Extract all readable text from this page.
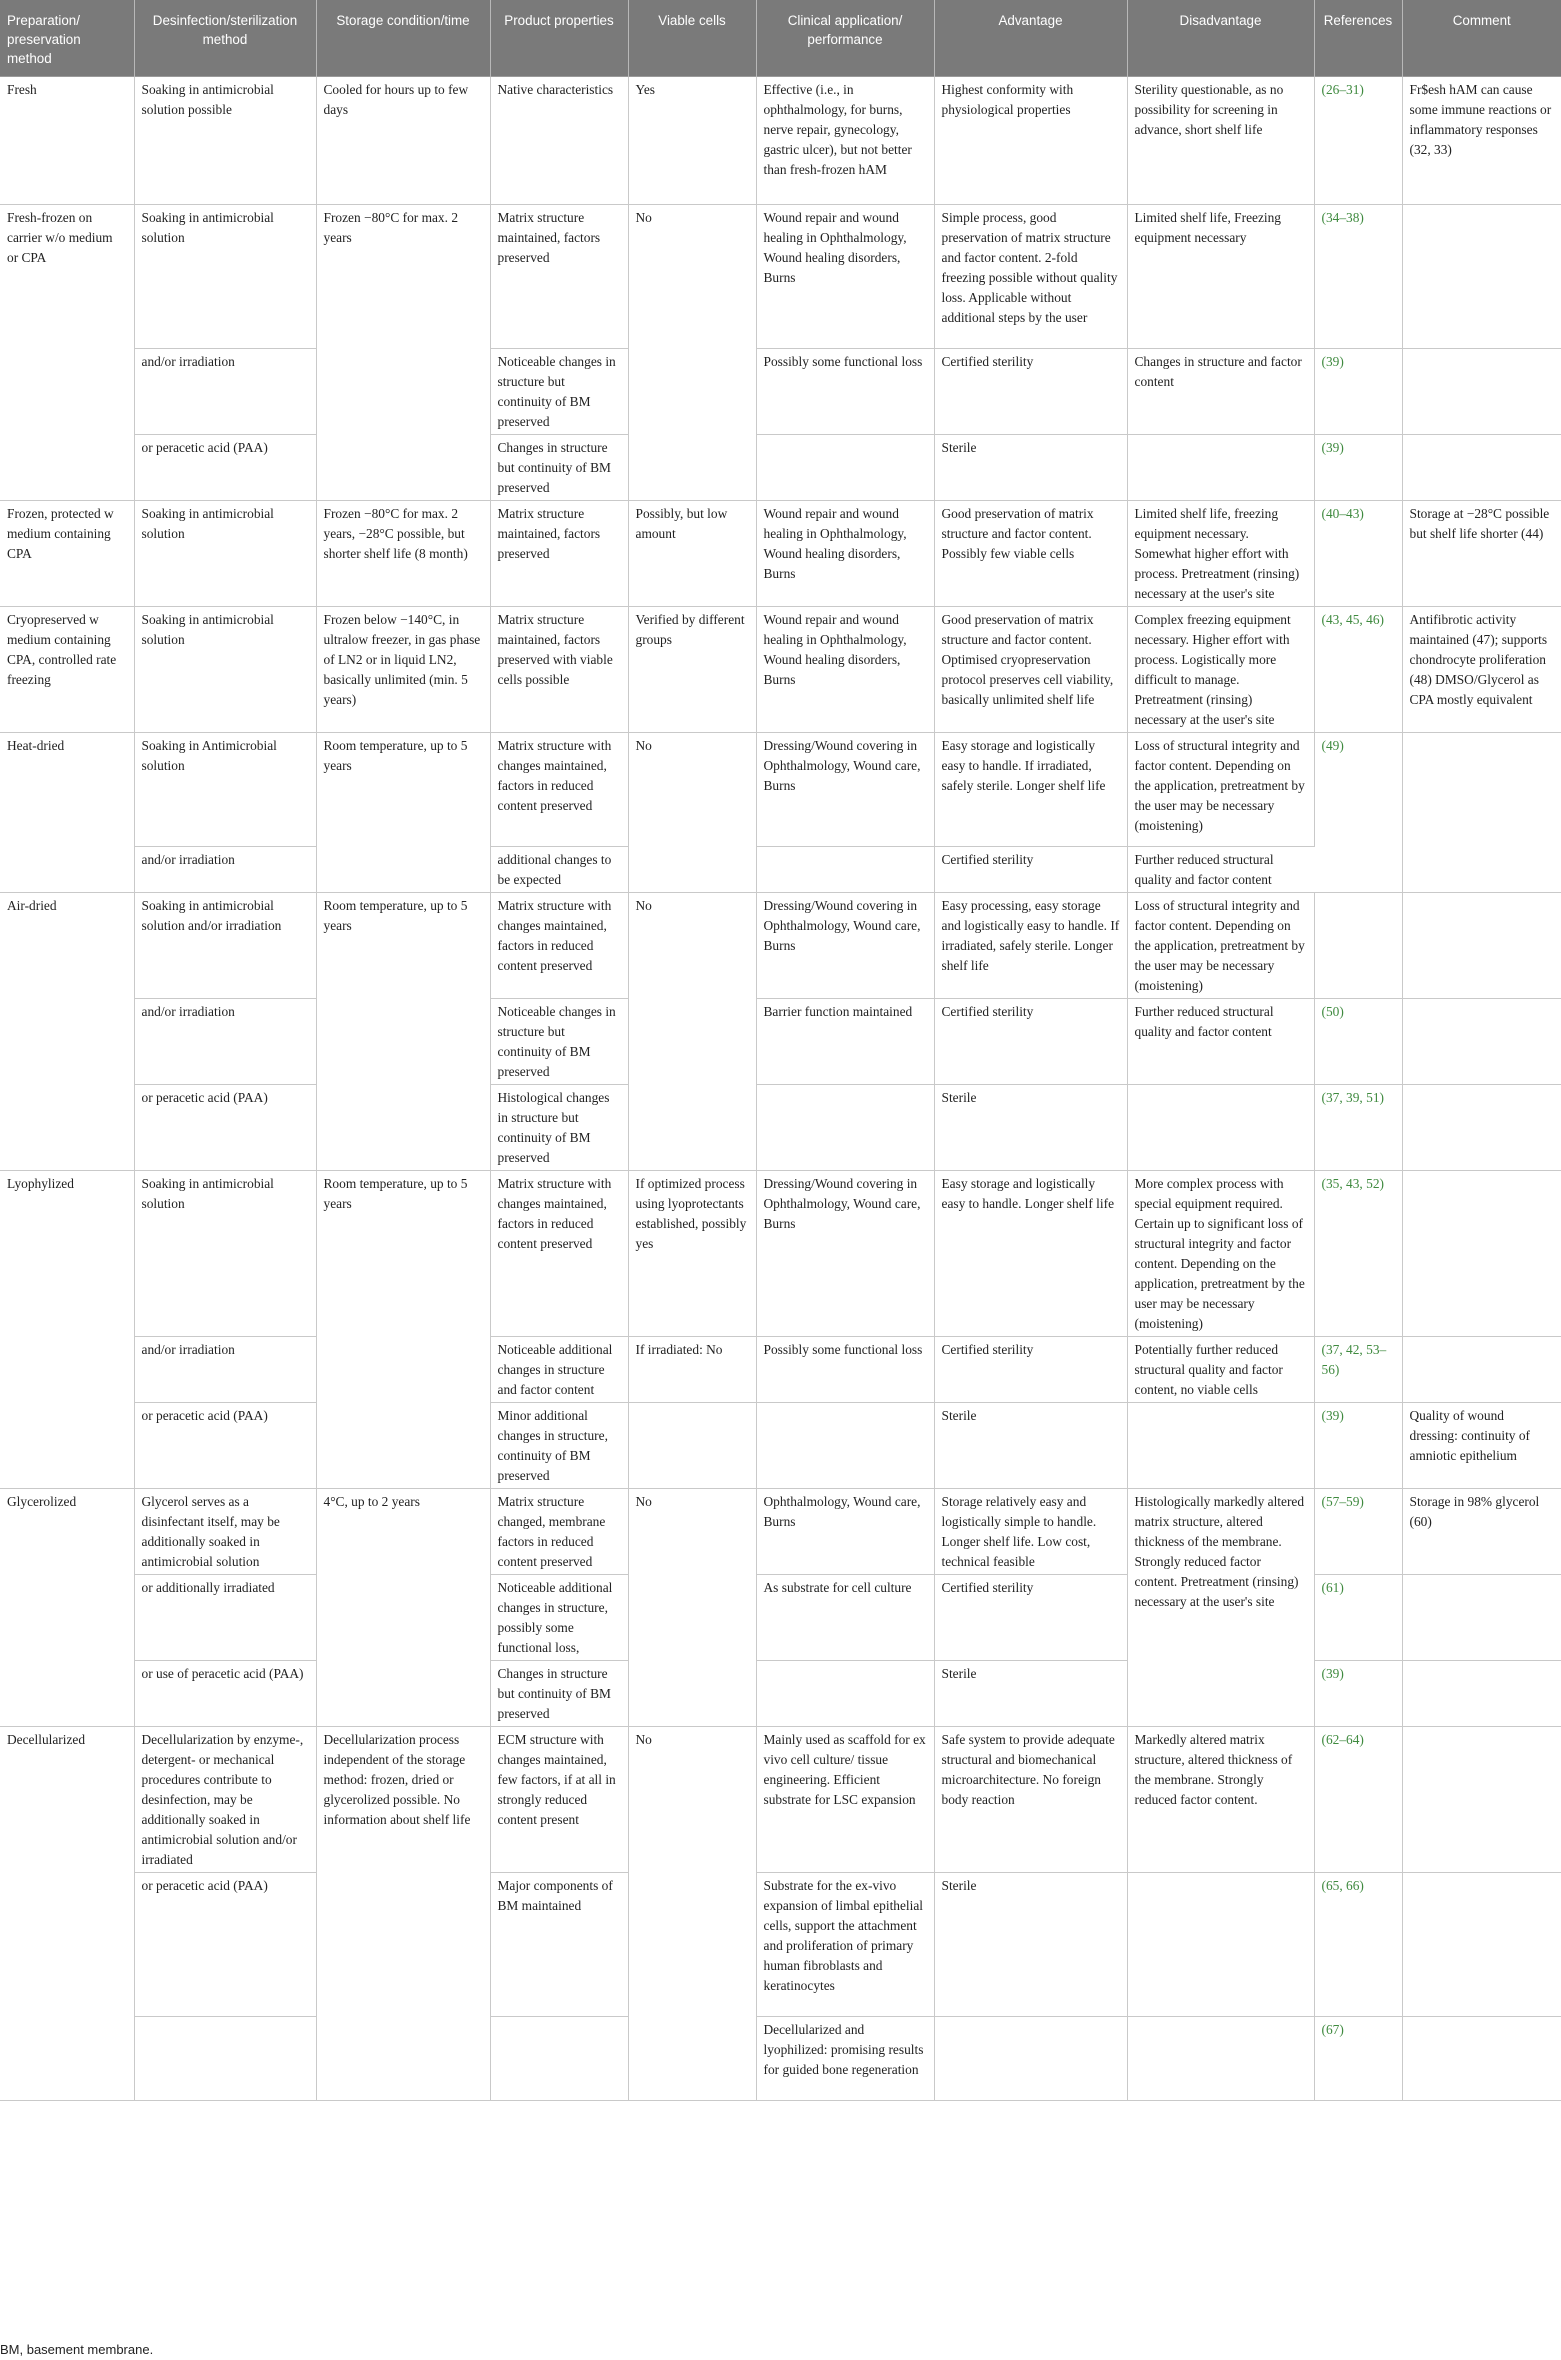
Preparation/ preservation method	Desinfection/sterilization method	Storage condition/time	Product properties	Viable cells	Clinical application/ performance	Advantage	Disadvantage	References	Comment
Fresh	Soaking in antimicrobial solution possible	Cooled for hours up to few days	Native characteristics	Yes	Effective (i.e., in ophthalmology, for burns, nerve repair, gynecology, gastric ulcer), but not better than fresh-frozen hAM	Highest conformity with physiological properties	Sterility questionable, as no possibility for screening in advance, short shelf life	(26–31)	Fr$esh hAM can cause some immune reactions or inflammatory responses (32, 33)
Fresh-frozen on carrier w/o medium or CPA	Soaking in antimicrobial solution	Frozen −80°C for max. 2 years	Matrix structure maintained, factors preserved	No	Wound repair and wound healing in Ophthalmology, Wound healing disorders, Burns	Simple process, good preservation of matrix structure and factor content. 2-fold freezing possible without quality loss. Applicable without additional steps by the user	Limited shelf life, Freezing equipment necessary	(34–38)	
	and/or irradiation		Noticeable changes in structure but continuity of BM preserved		Possibly some functional loss	Certified sterility	Changes in structure and factor content	(39)	
	or peracetic acid (PAA)		Changes in structure but continuity of BM preserved			Sterile		(39)	
Frozen, protected w medium containing CPA	Soaking in antimicrobial solution	Frozen −80°C for max. 2 years, −28°C possible, but shorter shelf life (8 month)	Matrix structure maintained, factors preserved	Possibly, but low amount	Wound repair and wound healing in Ophthalmology, Wound healing disorders, Burns	Good preservation of matrix structure and factor content. Possibly few viable cells	Limited shelf life, freezing equipment necessary. Somewhat higher effort with process. Pretreatment (rinsing) necessary at the user's site	(40–43)	Storage at −28°C possible but shelf life shorter (44)
Cryopreserved w medium containing CPA, controlled rate freezing	Soaking in antimicrobial solution	Frozen below −140°C, in ultralow freezer, in gas phase of LN2 or in liquid LN2, basically unlimited (min. 5 years)	Matrix structure maintained, factors preserved with viable cells possible	Verified by different groups	Wound repair and wound healing in Ophthalmology, Wound healing disorders, Burns	Good preservation of matrix structure and factor content. Optimised cryopreservation protocol preserves cell viability, basically unlimited shelf life	Complex freezing equipment necessary. Higher effort with process. Logistically more difficult to manage. Pretreatment (rinsing) necessary at the user's site	(43, 45, 46)	Antifibrotic activity maintained (47); supports chondrocyte proliferation (48) DMSO/Glycerol as CPA mostly equivalent
Heat-dried	Soaking in Antimicrobial solution	Room temperature, up to 5 years	Matrix structure with changes maintained, factors in reduced content preserved	No	Dressing/Wound covering in Ophthalmology, Wound care, Burns	Easy storage and logistically easy to handle. If irradiated, safely sterile. Longer shelf life	Loss of structural integrity and factor content. Depending on the application, pretreatment by the user may be necessary (moistening)	(49)	
	and/or irradiation		additional changes to be expected			Certified sterility	Further reduced structural quality and factor content		
Air-dried	Soaking in antimicrobial solution and/or irradiation	Room temperature, up to 5 years	Matrix structure with changes maintained, factors in reduced content preserved	No	Dressing/Wound covering in Ophthalmology, Wound care, Burns	Easy processing, easy storage and logistically easy to handle. If irradiated, safely sterile. Longer shelf life	Loss of structural integrity and factor content. Depending on the application, pretreatment by the user may be necessary (moistening)		
	and/or irradiation		Noticeable changes in structure but continuity of BM preserved		Barrier function maintained	Certified sterility	Further reduced structural quality and factor content	(50)	
	or peracetic acid (PAA)		Histological changes in structure but continuity of BM preserved			Sterile		(37, 39, 51)	
Lyophylized	Soaking in antimicrobial solution	Room temperature, up to 5 years	Matrix structure with changes maintained, factors in reduced content preserved	If optimized process using lyoprotectants established, possibly yes	Dressing/Wound covering in Ophthalmology, Wound care, Burns	Easy storage and logistically easy to handle. Longer shelf life	More complex process with special equipment required. Certain up to significant loss of structural integrity and factor content. Depending on the application, pretreatment by the user may be necessary (moistening)	(35, 43, 52)	
	and/or irradiation		Noticeable additional changes in structure and factor content	If irradiated: No	Possibly some functional loss	Certified sterility	Potentially further reduced structural quality and factor content, no viable cells	(37, 42, 53–56)	
	or peracetic acid (PAA)		Minor additional changes in structure, continuity of BM preserved			Sterile		(39)	Quality of wound dressing: continuity of amniotic epithelium
Glycerolized	Glycerol serves as a disinfectant itself, may be additionally soaked in antimicrobial solution	4°C, up to 2 years	Matrix structure changed, membrane factors in reduced content preserved	No	Ophthalmology, Wound care, Burns	Storage relatively easy and logistically simple to handle. Longer shelf life. Low cost, technical feasible	Histologically markedly altered matrix structure, altered thickness of the membrane. Strongly reduced factor content. Pretreatment (rinsing) necessary at the user's site	(57–59)	Storage in 98% glycerol (60)
	or additionally irradiated		Noticeable additional changes in structure, possibly some functional loss,		As substrate for cell culture	Certified sterility		(61)	
	or use of peracetic acid (PAA)		Changes in structure but continuity of BM preserved			Sterile		(39)	
Decellularized	Decellularization by enzyme-, detergent- or mechanical procedures contribute to desinfection, may be additionally soaked in antimicrobial solution and/or irradiated	Decellularization process independent of the storage method: frozen, dried or glycerolized possible. No information about shelf life	ECM structure with changes maintained, few factors, if at all in strongly reduced content present	No	Mainly used as scaffold for ex vivo cell culture/ tissue engineering. Efficient substrate for LSC expansion	Safe system to provide adequate structural and biomechanical microarchitecture. No foreign body reaction	Markedly altered matrix structure, altered thickness of the membrane. Strongly reduced factor content.	(62–64)	
	or peracetic acid (PAA)		Major components of BM maintained		Substrate for the ex-vivo expansion of limbal epithelial cells, support the attachment and proliferation of primary human fibroblasts and keratinocytes	Sterile		(65, 66)	
					Decellularized and lyophilized: promising results for guided bone regeneration			(67)	
BM, basement membrane.
